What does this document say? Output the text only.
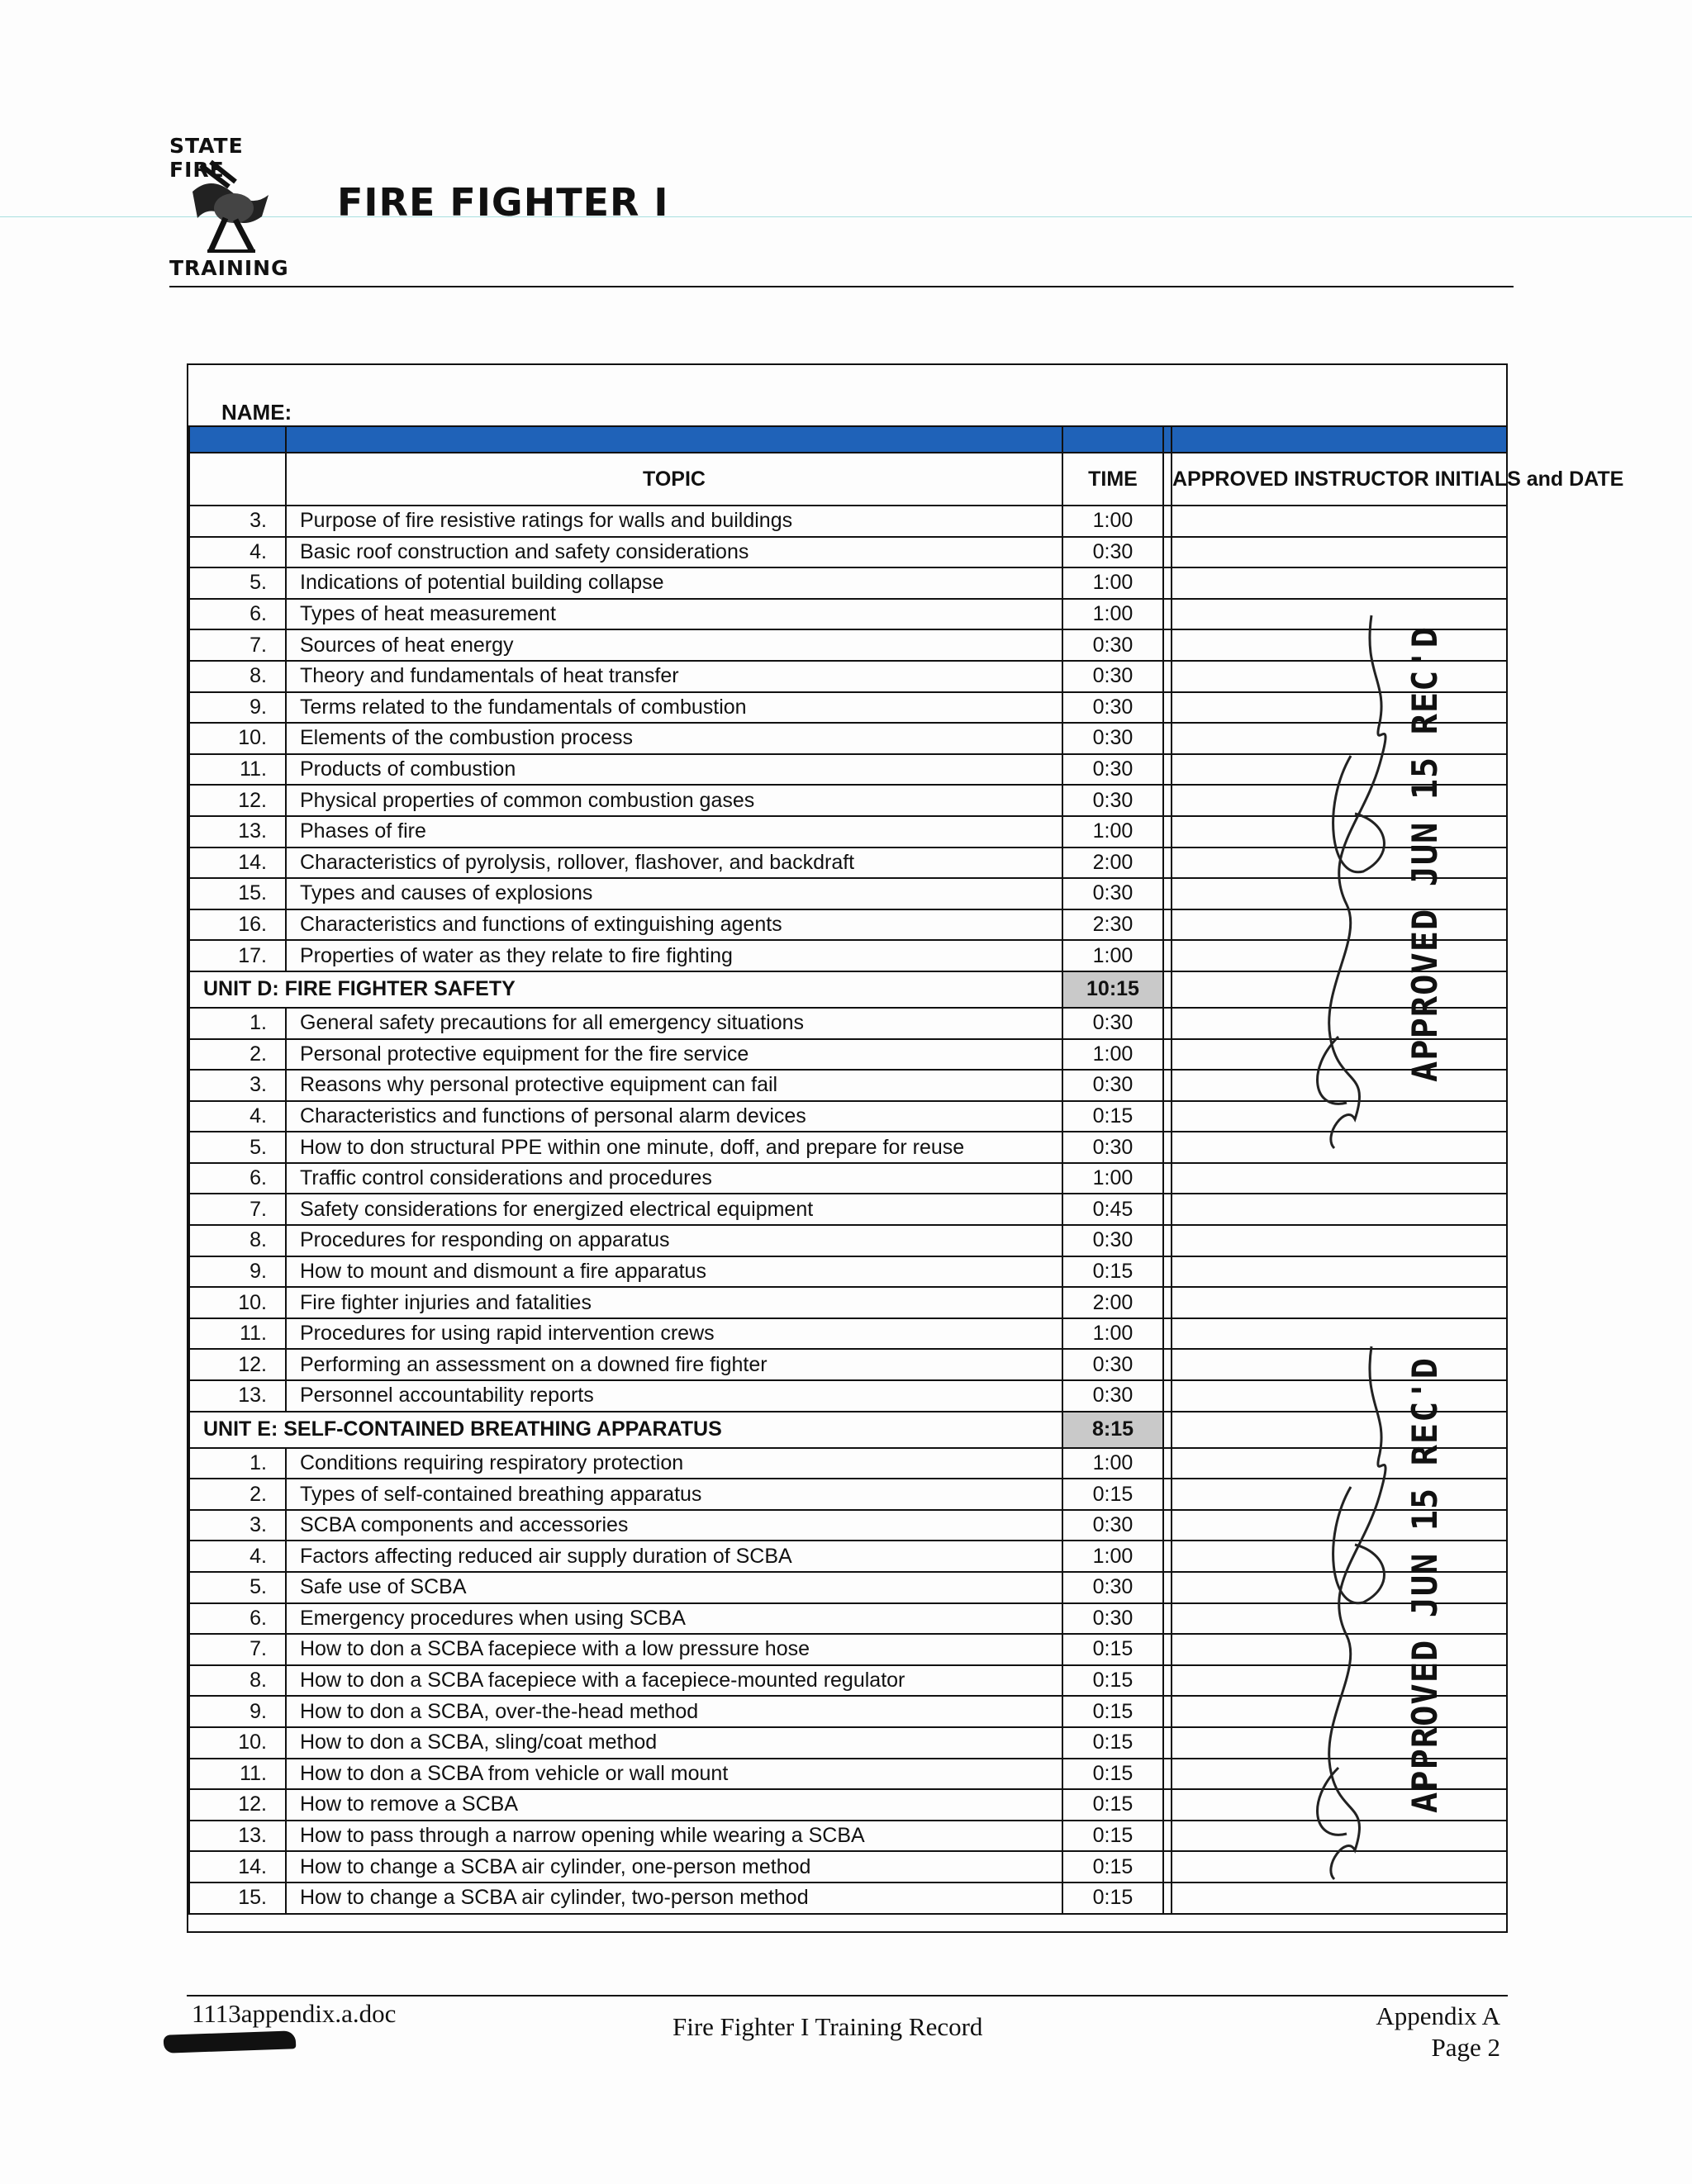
STATE FIRE
TRAINING
FIRE FIGHTER I
NAME:

	TOPIC	TIME		APPROVED INSTRUCTOR INITIALS and DATE
3.	Purpose of fire resistive ratings for walls and buildings	1:00		
4.	Basic roof construction and safety considerations	0:30		
5.	Indications of potential building collapse	1:00		
6.	Types of heat measurement	1:00		
7.	Sources of heat energy	0:30		
8.	Theory and fundamentals of heat transfer	0:30		
9.	Terms related to the fundamentals of combustion	0:30		
10.	Elements of the combustion process	0:30		
11.	Products of combustion	0:30		
12.	Physical properties of common combustion gases	0:30		
13.	Phases of fire	1:00		
14.	Characteristics of pyrolysis, rollover, flashover, and backdraft	2:00		
15.	Types and causes of explosions	0:30		
16.	Characteristics and functions of extinguishing agents	2:30		
17.	Properties of water as they relate to fire fighting	1:00		
UNIT D: FIRE FIGHTER SAFETY		10:15		
1.	General safety precautions for all emergency situations	0:30		
2.	Personal protective equipment for the fire service	1:00		
3.	Reasons why personal protective equipment can fail	0:30		
4.	Characteristics and functions of personal alarm devices	0:15		
5.	How to don structural PPE within one minute, doff, and prepare for reuse	0:30		
6.	Traffic control considerations and procedures	1:00		
7.	Safety considerations for energized electrical equipment	0:45		
8.	Procedures for responding on apparatus	0:30		
9.	How to mount and dismount a fire apparatus	0:15		
10.	Fire fighter injuries and fatalities	2:00		
11.	Procedures for using rapid intervention crews	1:00		
12.	Performing an assessment on a downed fire fighter	0:30		
13.	Personnel accountability reports	0:30		
UNIT E: SELF-CONTAINED BREATHING APPARATUS		8:15		
1.	Conditions requiring respiratory protection	1:00		
2.	Types of self-contained breathing apparatus	0:15		
3.	SCBA components and accessories	0:30		
4.	Factors affecting reduced air supply duration of SCBA	1:00		
5.	Safe use of SCBA	0:30		
6.	Emergency procedures when using SCBA	0:30		
7.	How to don a SCBA facepiece with a low pressure hose	0:15		
8.	How to don a SCBA facepiece with a facepiece-mounted regulator	0:15		
9.	How to don a SCBA, over-the-head method	0:15		
10.	How to don a SCBA, sling/coat method	0:15		
11.	How to don a SCBA from vehicle or wall mount	0:15		
12.	How to remove a SCBA	0:15		
13.	How to pass through a narrow opening while wearing a SCBA	0:15		
14.	How to change a SCBA air cylinder, one-person method	0:15		
15.	How to change a SCBA air cylinder, two-person method	0:15		
APPROVED JUN 15 REC'D
APPROVED JUN 15 REC'D
1113appendix.a.doc	Fire Fighter I Training Record	Appendix A
Page 2
